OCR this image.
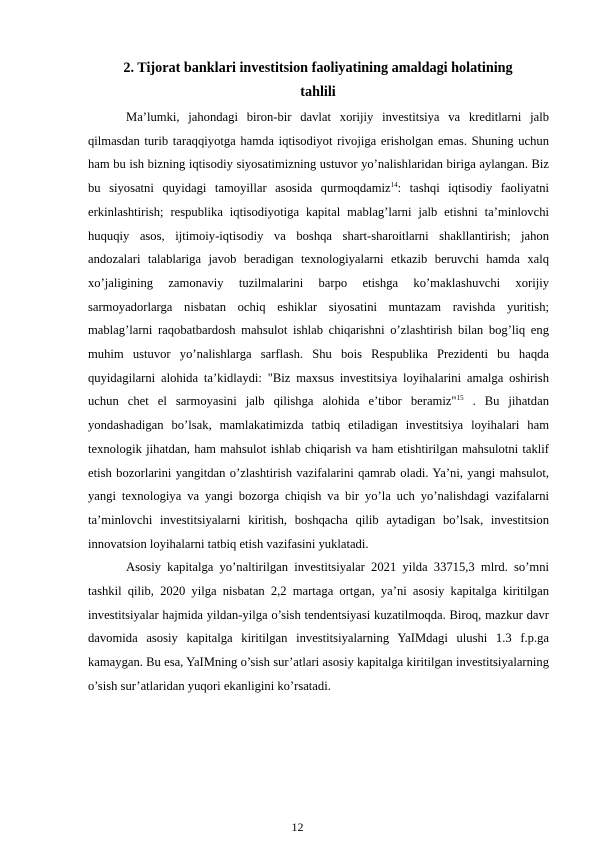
2. Tijorat banklari investitsion faoliyatining amaldagi holatining
tahlili

Ma’lumki, jahondagi biron-bir davlat xorijiy investitsiya va kreditlarni jalb qilmasdan turib taraqqiyotga hamda iqtisodiyot rivojiga erisholgan emas. Shuning uchun ham bu ish bizning iqtisodiy siyosatimizning ustuvor yo’nalishlaridan biriga aylangan. Biz bu siyosatni quyidagi tamoyillar asosida qurmoqdamiz$^{14}$: tashqi iqtisodiy faoliyatni erkinlashtirish; respublika iqtisodiyotiga kapital mablag’larni jalb etishni ta’minlovchi huquqiy asos, ijtimoiy-iqtisodiy va boshqa shart-sharoitlarni shakllantirish; jahon andozalari talablariga javob beradigan texnologiyalarni etkazib beruvchi hamda xalq xo’jaligining zamonaviy tuzilmalarini barpo etishga ko’maklashuvchi xorijiy sarmoyadorlarga nisbatan ochiq eshiklar siyosatini muntazam ravishda yuritish; mablag’larni raqobatbardosh mahsulot ishlab chiqarishni o’zlashtirish bilan bog’liq eng muhim ustuvor yo’nalishlarga sarflash. Shu bois Respublika Prezidenti bu haqda quyidagilarni alohida ta’kidlaydi: "Biz maxsus investitsiya loyihalarini amalga oshirish uchun chet el sarmoyasini jalb qilishga alohida e’tibor beramiz"$^{15}$ . Bu jihatdan yondashadigan bo’lsak, mamlakatimizda tatbiq etiladigan investitsiya loyihalari ham texnologik jihatdan, ham mahsulot ishlab chiqarish va ham etishtirilgan mahsulotni taklif etish bozorlarini yangitdan o’zlashtirish vazifalarini qamrab oladi. Ya’ni, yangi mahsulot, yangi texnologiya va yangi bozorga chiqish va bir yo’la uch yo’nalishdagi vazifalarni ta’minlovchi investitsiyalarni kiritish, boshqacha qilib aytadigan bo’lsak, investitsion innovatsion loyihalarni tatbiq etish vazifasini yuklatadi.

Asosiy kapitalga yo’naltirilgan investitsiyalar 2021 yilda 33715,3 mlrd. so’mni tashkil qilib, 2020 yilga nisbatan 2,2 martaga ortgan, ya’ni asosiy kapitalga kiritilgan investitsiyalar hajmida yildan-yilga o’sish tendentsiyasi kuzatilmoqda. Biroq, mazkur davr davomida asosiy kapitalga kiritilgan investitsiyalarning YaIMdagi ulushi 1.3 f.p.ga kamaygan. Bu esa, YaIMning o’sish sur’atlari asosiy kapitalga kiritilgan investitsiyalarning o’sish sur’atlaridan yuqori ekanligini ko’rsatadi.

12
